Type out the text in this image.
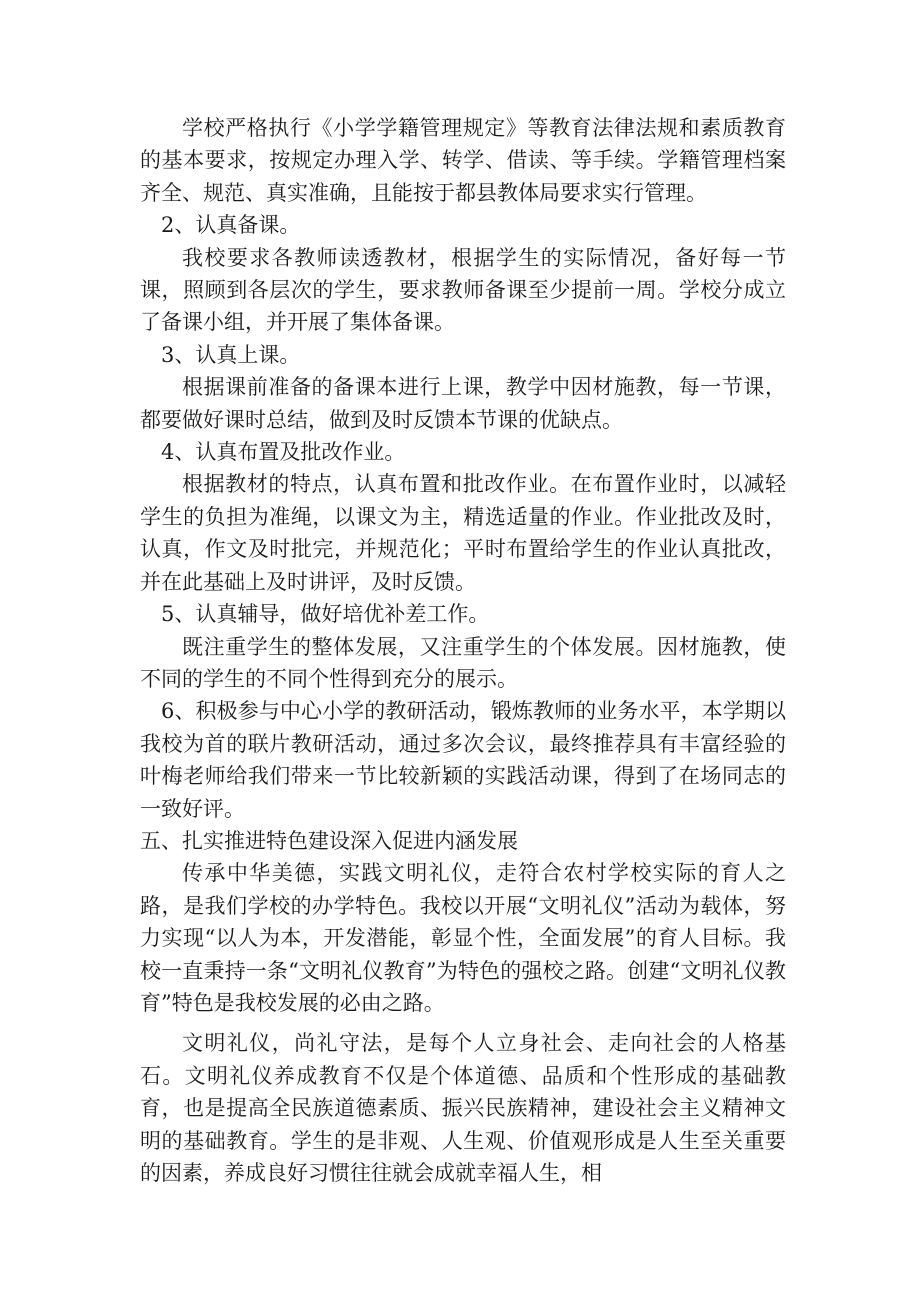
学校严格执行《小学学籍管理规定》等教育法律法规和素质教育的基本要求，按规定办理入学、转学、借读、等手续。学籍管理档案齐全、规范、真实准确，且能按于都县教体局要求实行管理。

2、认真备课。

我校要求各教师读透教材，根据学生的实际情况，备好每一节课，照顾到各层次的学生，要求教师备课至少提前一周。学校分成立了备课小组，并开展了集体备课。

3、认真上课。

根据课前准备的备课本进行上课，教学中因材施教，每一节课，都要做好课时总结，做到及时反馈本节课的优缺点。

4、认真布置及批改作业。

根据教材的特点，认真布置和批改作业。在布置作业时，以减轻学生的负担为准绳，以课文为主，精选适量的作业。作业批改及时，认真，作文及时批完，并规范化；平时布置给学生的作业认真批改，并在此基础上及时讲评，及时反馈。

5、认真辅导，做好培优补差工作。

既注重学生的整体发展，又注重学生的个体发展。因材施教，使不同的学生的不同个性得到充分的展示。

6、积极参与中心小学的教研活动，锻炼教师的业务水平，本学期以我校为首的联片教研活动，通过多次会议，最终推荐具有丰富经验的叶梅老师给我们带来一节比较新颖的实践活动课，得到了在场同志的一致好评。

五、扎实推进特色建设深入促进内涵发展

传承中华美德，实践文明礼仪，走符合农村学校实际的育人之路，是我们学校的办学特色。我校以开展“文明礼仪”活动为载体，努力实现“以人为本，开发潜能，彰显个性，全面发展”的育人目标。我校一直秉持一条“文明礼仪教育”为特色的强校之路。创建“文明礼仪教育”特色是我校发展的必由之路。

文明礼仪，尚礼守法，是每个人立身社会、走向社会的人格基石。文明礼仪养成教育不仅是个体道德、品质和个性形成的基础教育，也是提高全民族道德素质、振兴民族精神，建设社会主义精神文明的基础教育。学生的是非观、人生观、价值观形成是人生至关重要的因素，养成良好习惯往往就会成就幸福人生，相
